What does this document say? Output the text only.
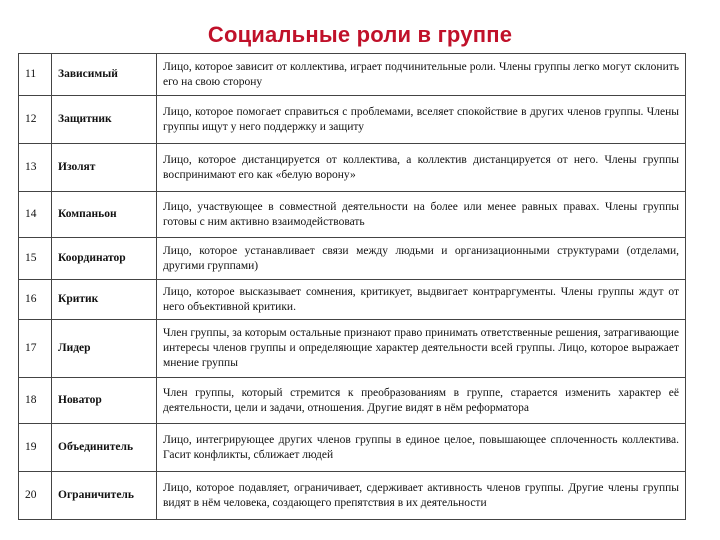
Социальные роли в группе
11	Зависимый	Лицо, которое зависит от коллектива, играет подчинительные роли. Члены группы легко могут склонить его на свою сторону
12	Защитник	Лицо, которое помогает справиться с проблемами, вселяет спокойствие в других членов группы. Члены группы ищут у него поддержку и защиту
13	Изолят	Лицо, которое дистанцируется от коллектива, а коллектив дистанцируется от него. Члены группы воспринимают его как «белую ворону»
14	Компаньон	Лицо, участвующее в совместной деятельности на более или менее равных правах. Члены группы готовы с ним активно взаимодействовать
15	Координатор	Лицо, которое устанавливает связи между людьми и организационными структурами (отделами, другими группами)
16	Критик	Лицо, которое высказывает сомнения, критикует, выдвигает контраргументы. Члены группы ждут от него объективной критики.
17	Лидер	Член группы, за которым остальные признают право принимать ответственные решения, затрагивающие интересы членов группы и определяющие характер деятельности всей группы. Лицо, которое выражает мнение группы
18	Новатор	Член группы, который стремится к преобразованиям в группе, старается изменить характер её деятельности, цели и задачи, отношения. Другие видят в нём реформатора
19	Объединитель	Лицо, интегрирующее других членов группы в единое целое, повышающее сплоченность коллектива. Гасит конфликты, сближает людей
20	Ограничитель	Лицо, которое подавляет, ограничивает, сдерживает активность членов группы. Другие члены группы видят в нём человека, создающего препятствия в их деятельности
